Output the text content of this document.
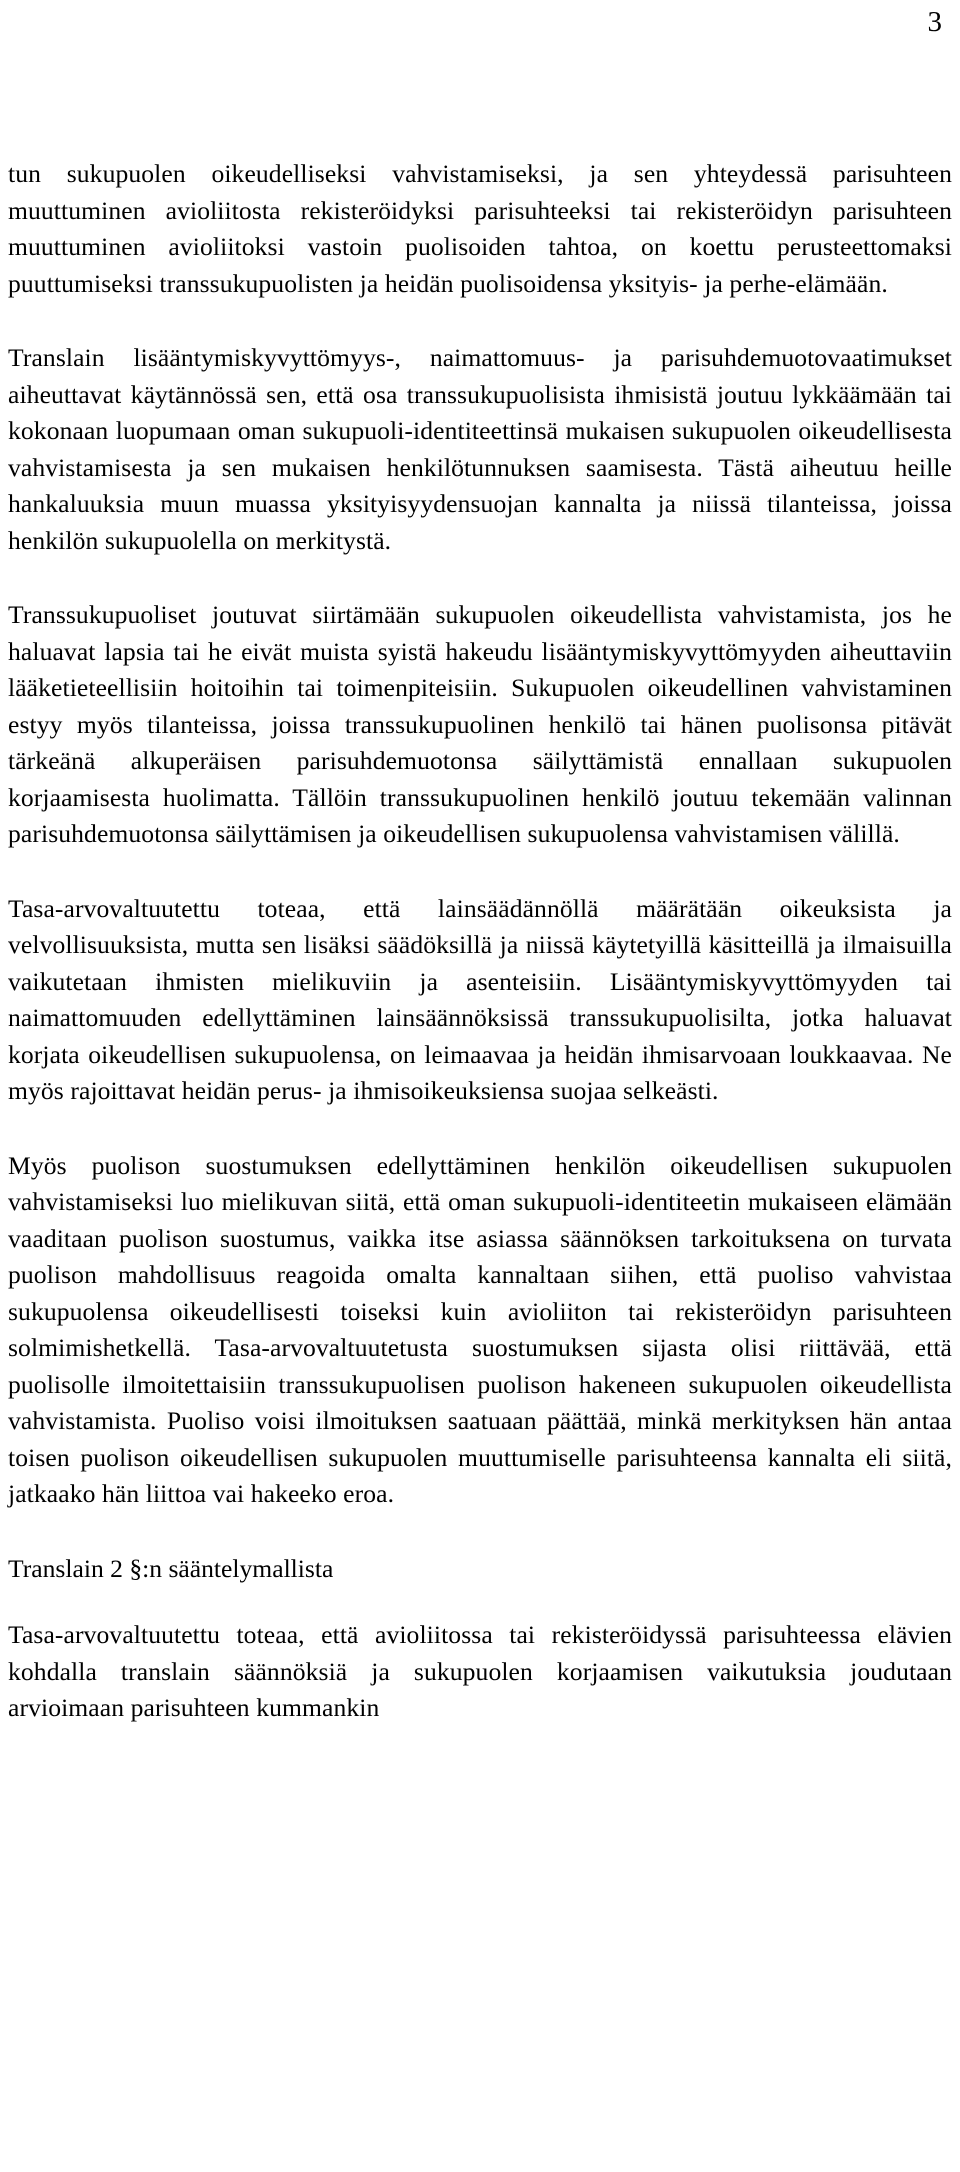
3

tun sukupuolen oikeudelliseksi vahvistamiseksi, ja sen yhteydessä parisuhteen muuttuminen avioliitosta rekisteröidyksi parisuhteeksi tai rekisteröidyn parisuhteen muuttuminen avioliitoksi vastoin puolisoiden tahtoa, on koettu perusteettomaksi puuttumiseksi transsukupuolisten ja heidän puolisoidensa yksityis- ja perhe-elämään.

Translain lisääntymiskyvyttömyys-, naimattomuus- ja parisuhdemuotovaatimukset aiheuttavat käytännössä sen, että osa transsukupuolisista ihmisistä joutuu lykkäämään tai kokonaan luopumaan oman sukupuoli-identiteettinsä mukaisen sukupuolen oikeudellisesta vahvistamisesta ja sen mukaisen henkilötunnuksen saamisesta. Tästä aiheutuu heille hankaluuksia muun muassa yksityisyydensuojan kannalta ja niissä tilanteissa, joissa henkilön sukupuolella on merkitystä.

Transsukupuoliset joutuvat siirtämään sukupuolen oikeudellista vahvistamista, jos he haluavat lapsia tai he eivät muista syistä hakeudu lisääntymiskyvyttömyyden aiheuttaviin lääketieteellisiin hoitoihin tai toimenpiteisiin. Sukupuolen oikeudellinen vahvistaminen estyy myös tilanteissa, joissa transsukupuolinen henkilö tai hänen puolisonsa pitävät tärkeänä alkuperäisen parisuhdemuotonsa säilyttämistä ennallaan sukupuolen korjaamisesta huolimatta. Tällöin transsukupuolinen henkilö joutuu tekemään valinnan parisuhdemuotonsa säilyttämisen ja oikeudellisen sukupuolensa vahvistamisen välillä.

Tasa-arvovaltuutettu toteaa, että lainsäädännöllä määrätään oikeuksista ja velvollisuuksista, mutta sen lisäksi säädöksillä ja niissä käytetyillä käsitteillä ja ilmaisuilla vaikutetaan ihmisten mielikuviin ja asenteisiin. Lisääntymiskyvyttömyyden tai naimattomuuden edellyttäminen lainsäännöksissä transsukupuolisilta, jotka haluavat korjata oikeudellisen sukupuolensa, on leimaavaa ja heidän ihmisarvoaan loukkaavaa. Ne myös rajoittavat heidän perus- ja ihmisoikeuksiensa suojaa selkeästi.

Myös puolison suostumuksen edellyttäminen henkilön oikeudellisen sukupuolen vahvistamiseksi luo mielikuvan siitä, että oman sukupuoli-identiteetin mukaiseen elämään vaaditaan puolison suostumus, vaikka itse asiassa säännöksen tarkoituksena on turvata puolison mahdollisuus reagoida omalta kannaltaan siihen, että puoliso vahvistaa sukupuolensa oikeudellisesti toiseksi kuin avioliiton tai rekisteröidyn parisuhteen solmimishetkellä. Tasa-arvovaltuutetusta suostumuksen sijasta olisi riittävää, että puolisolle ilmoitettaisiin transsukupuolisen puolison hakeneen sukupuolen oikeudellista vahvistamista. Puoliso voisi ilmoituksen saatuaan päättää, minkä merkityksen hän antaa toisen puolison oikeudellisen sukupuolen muuttumiselle parisuhteensa kannalta eli siitä, jatkaako hän liittoa vai hakeeko eroa.

Translain 2 §:n sääntelymallista

Tasa-arvovaltuutettu toteaa, että avioliitossa tai rekisteröidyssä parisuhteessa elävien kohdalla translain säännöksiä ja sukupuolen korjaamisen vaikutuksia joudutaan arvioimaan parisuhteen kummankin
